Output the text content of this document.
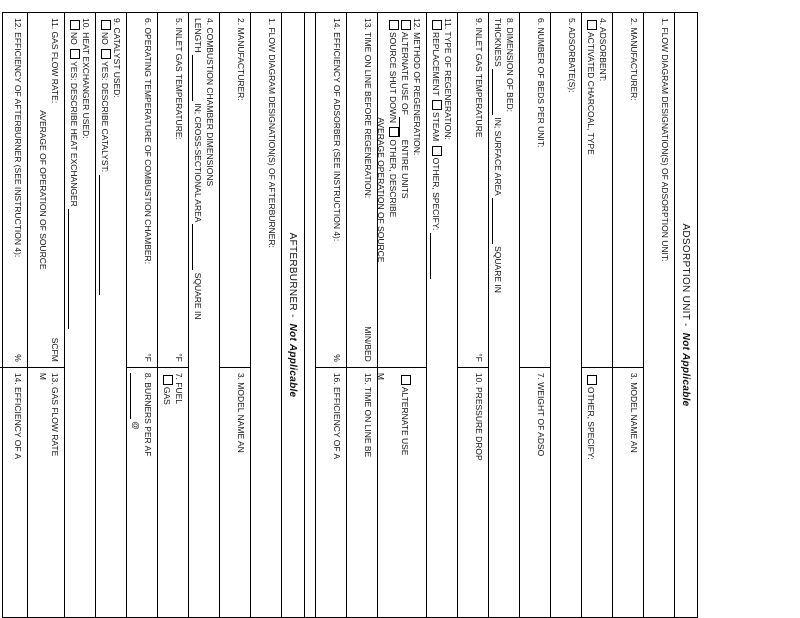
ADSORPTION UNIT -
Not Applicable
1. FLOW DIAGRAM DESIGNATION(S) OF ADSORPTION UNIT:
2. MANUFACTURER:
3. MODEL NAME AN
4. ADSORBENT:
ACTIVATED CHARCOAL, TYPE

OTHER, SPECIFY:
5. ADSORBATE(S):
6. NUMBER OF BEDS PER UNIT:
7. WEIGHT OF ADSO
8. DIMENSION OF BED:
THICKNESS  IN; SURFACE AREA  SQUARE IN
9. INLET GAS TEMPERATURE
°F
10. PRESSURE DROP
11. TYPE OF REGENERATION:
REPLACEMENT STEAM OTHER, SPECIFY:
12. METHOD OF REGENERATION:
ALTERNATE USE OF  ENTIRE UNITS
SOURCE SHUT DOWN OTHER, DESCRIBE

AVERAGE OPERATION OF SOURCE

ALTERNATE USE

M
13. TIME ON LINE BEFORE REGENERATION:
MIN/BED
15. TIME ON LINE BE
14. EFFICIENCY OF ADSORBER (SEE INSTRUCTION 4):
%
16. EFFICIENCY OF A
AFTERBURNER -
Not Applicable
1. FLOW DIAGRAM DESIGNATION(S) OF AFTERBURNER:
2. MANUFACTURER:
3. MODEL NAME AN
4. COMBUSTION CHAMBER DIMENSIONS
LENGTH  IN; CROSS-SECTIONAL AREA  SQUARE IN
5. INLET GAS TEMPERATURE:
°F
7. FUEL
GAS
6. OPERATING TEMPERATURE OF COMBUSTION CHAMBER:
°F
8. BURNERS PER AF
@
9. CATALYST USED:
NO YES: DESCRIBE CATALYST:
10. HEAT EXCHANGER USED:
NO YES: DESCRIBE HEAT EXCHANGER
11. GAS FLOW RATE:
SCFM

AVERAGE OF OPERATION OF SOURCE
13. GAS FLOW RATE
M
12. EFFICIENCY OF AFTERBURNER (SEE INSTRUCTION 4):
%
14. EFFICIENCY OF A
